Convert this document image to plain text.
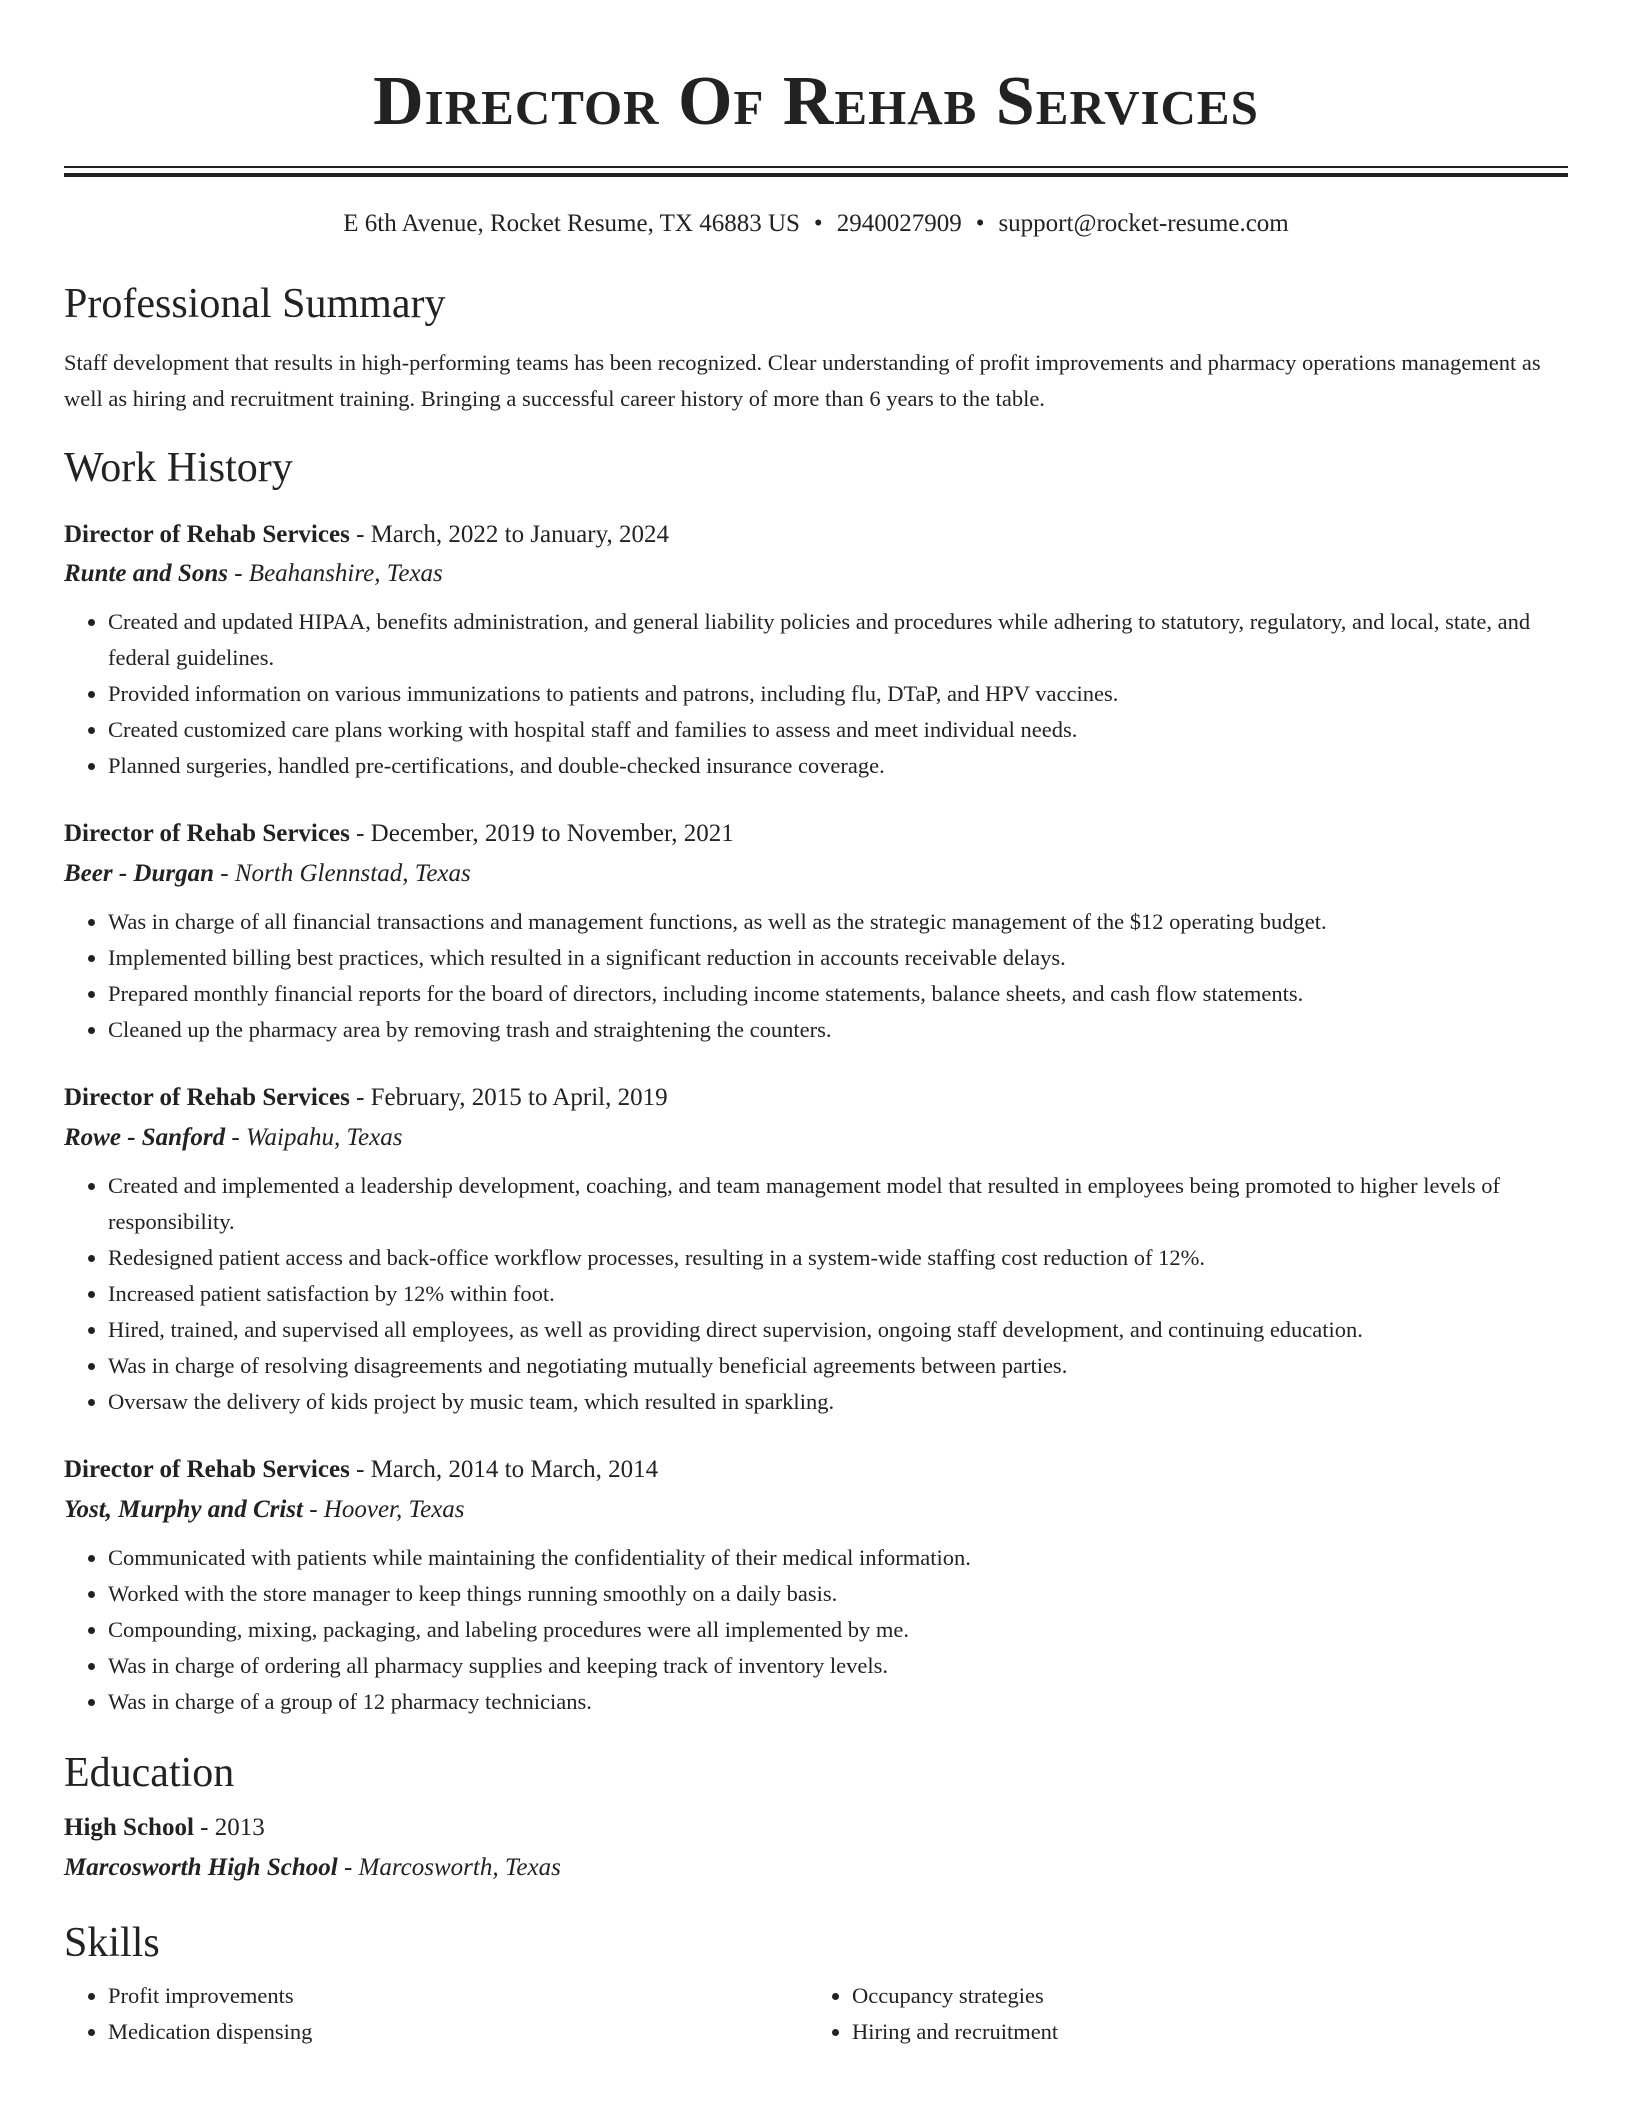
Director Of Rehab Services
E 6th Avenue, Rocket Resume, TX 46883 US • 2940027909 • support@rocket-resume.com
Professional Summary

Staff development that results in high-performing teams has been recognized. Clear understanding of profit improvements and pharmacy operations management as well as hiring and recruitment training. Bringing a successful career history of more than 6 years to the table.

Work History
Director of Rehab Services - March, 2022 to January, 2024
Runte and Sons - Beahanshire, Texas
• Created and updated HIPAA, benefits administration, and general liability policies and procedures while adhering to statutory, regulatory, and local, state, and federal guidelines.
• Provided information on various immunizations to patients and patrons, including flu, DTaP, and HPV vaccines.
• Created customized care plans working with hospital staff and families to assess and meet individual needs.
• Planned surgeries, handled pre-certifications, and double-checked insurance coverage.
Director of Rehab Services - December, 2019 to November, 2021
Beer - Durgan - North Glennstad, Texas
• Was in charge of all financial transactions and management functions, as well as the strategic management of the $12 operating budget.
• Implemented billing best practices, which resulted in a significant reduction in accounts receivable delays.
• Prepared monthly financial reports for the board of directors, including income statements, balance sheets, and cash flow statements.
• Cleaned up the pharmacy area by removing trash and straightening the counters.
Director of Rehab Services - February, 2015 to April, 2019
Rowe - Sanford - Waipahu, Texas
• Created and implemented a leadership development, coaching, and team management model that resulted in employees being promoted to higher levels of responsibility.
• Redesigned patient access and back-office workflow processes, resulting in a system-wide staffing cost reduction of 12%.
• Increased patient satisfaction by 12% within foot.
• Hired, trained, and supervised all employees, as well as providing direct supervision, ongoing staff development, and continuing education.
• Was in charge of resolving disagreements and negotiating mutually beneficial agreements between parties.
• Oversaw the delivery of kids project by music team, which resulted in sparkling.
Director of Rehab Services - March, 2014 to March, 2014
Yost, Murphy and Crist - Hoover, Texas
• Communicated with patients while maintaining the confidentiality of their medical information.
• Worked with the store manager to keep things running smoothly on a daily basis.
• Compounding, mixing, packaging, and labeling procedures were all implemented by me.
• Was in charge of ordering all pharmacy supplies and keeping track of inventory levels.
• Was in charge of a group of 12 pharmacy technicians.
Education
High School - 2013
Marcosworth High School - Marcosworth, Texas
Skills
• Profit improvements
• Medication dispensing
• Occupancy strategies
• Hiring and recruitment
